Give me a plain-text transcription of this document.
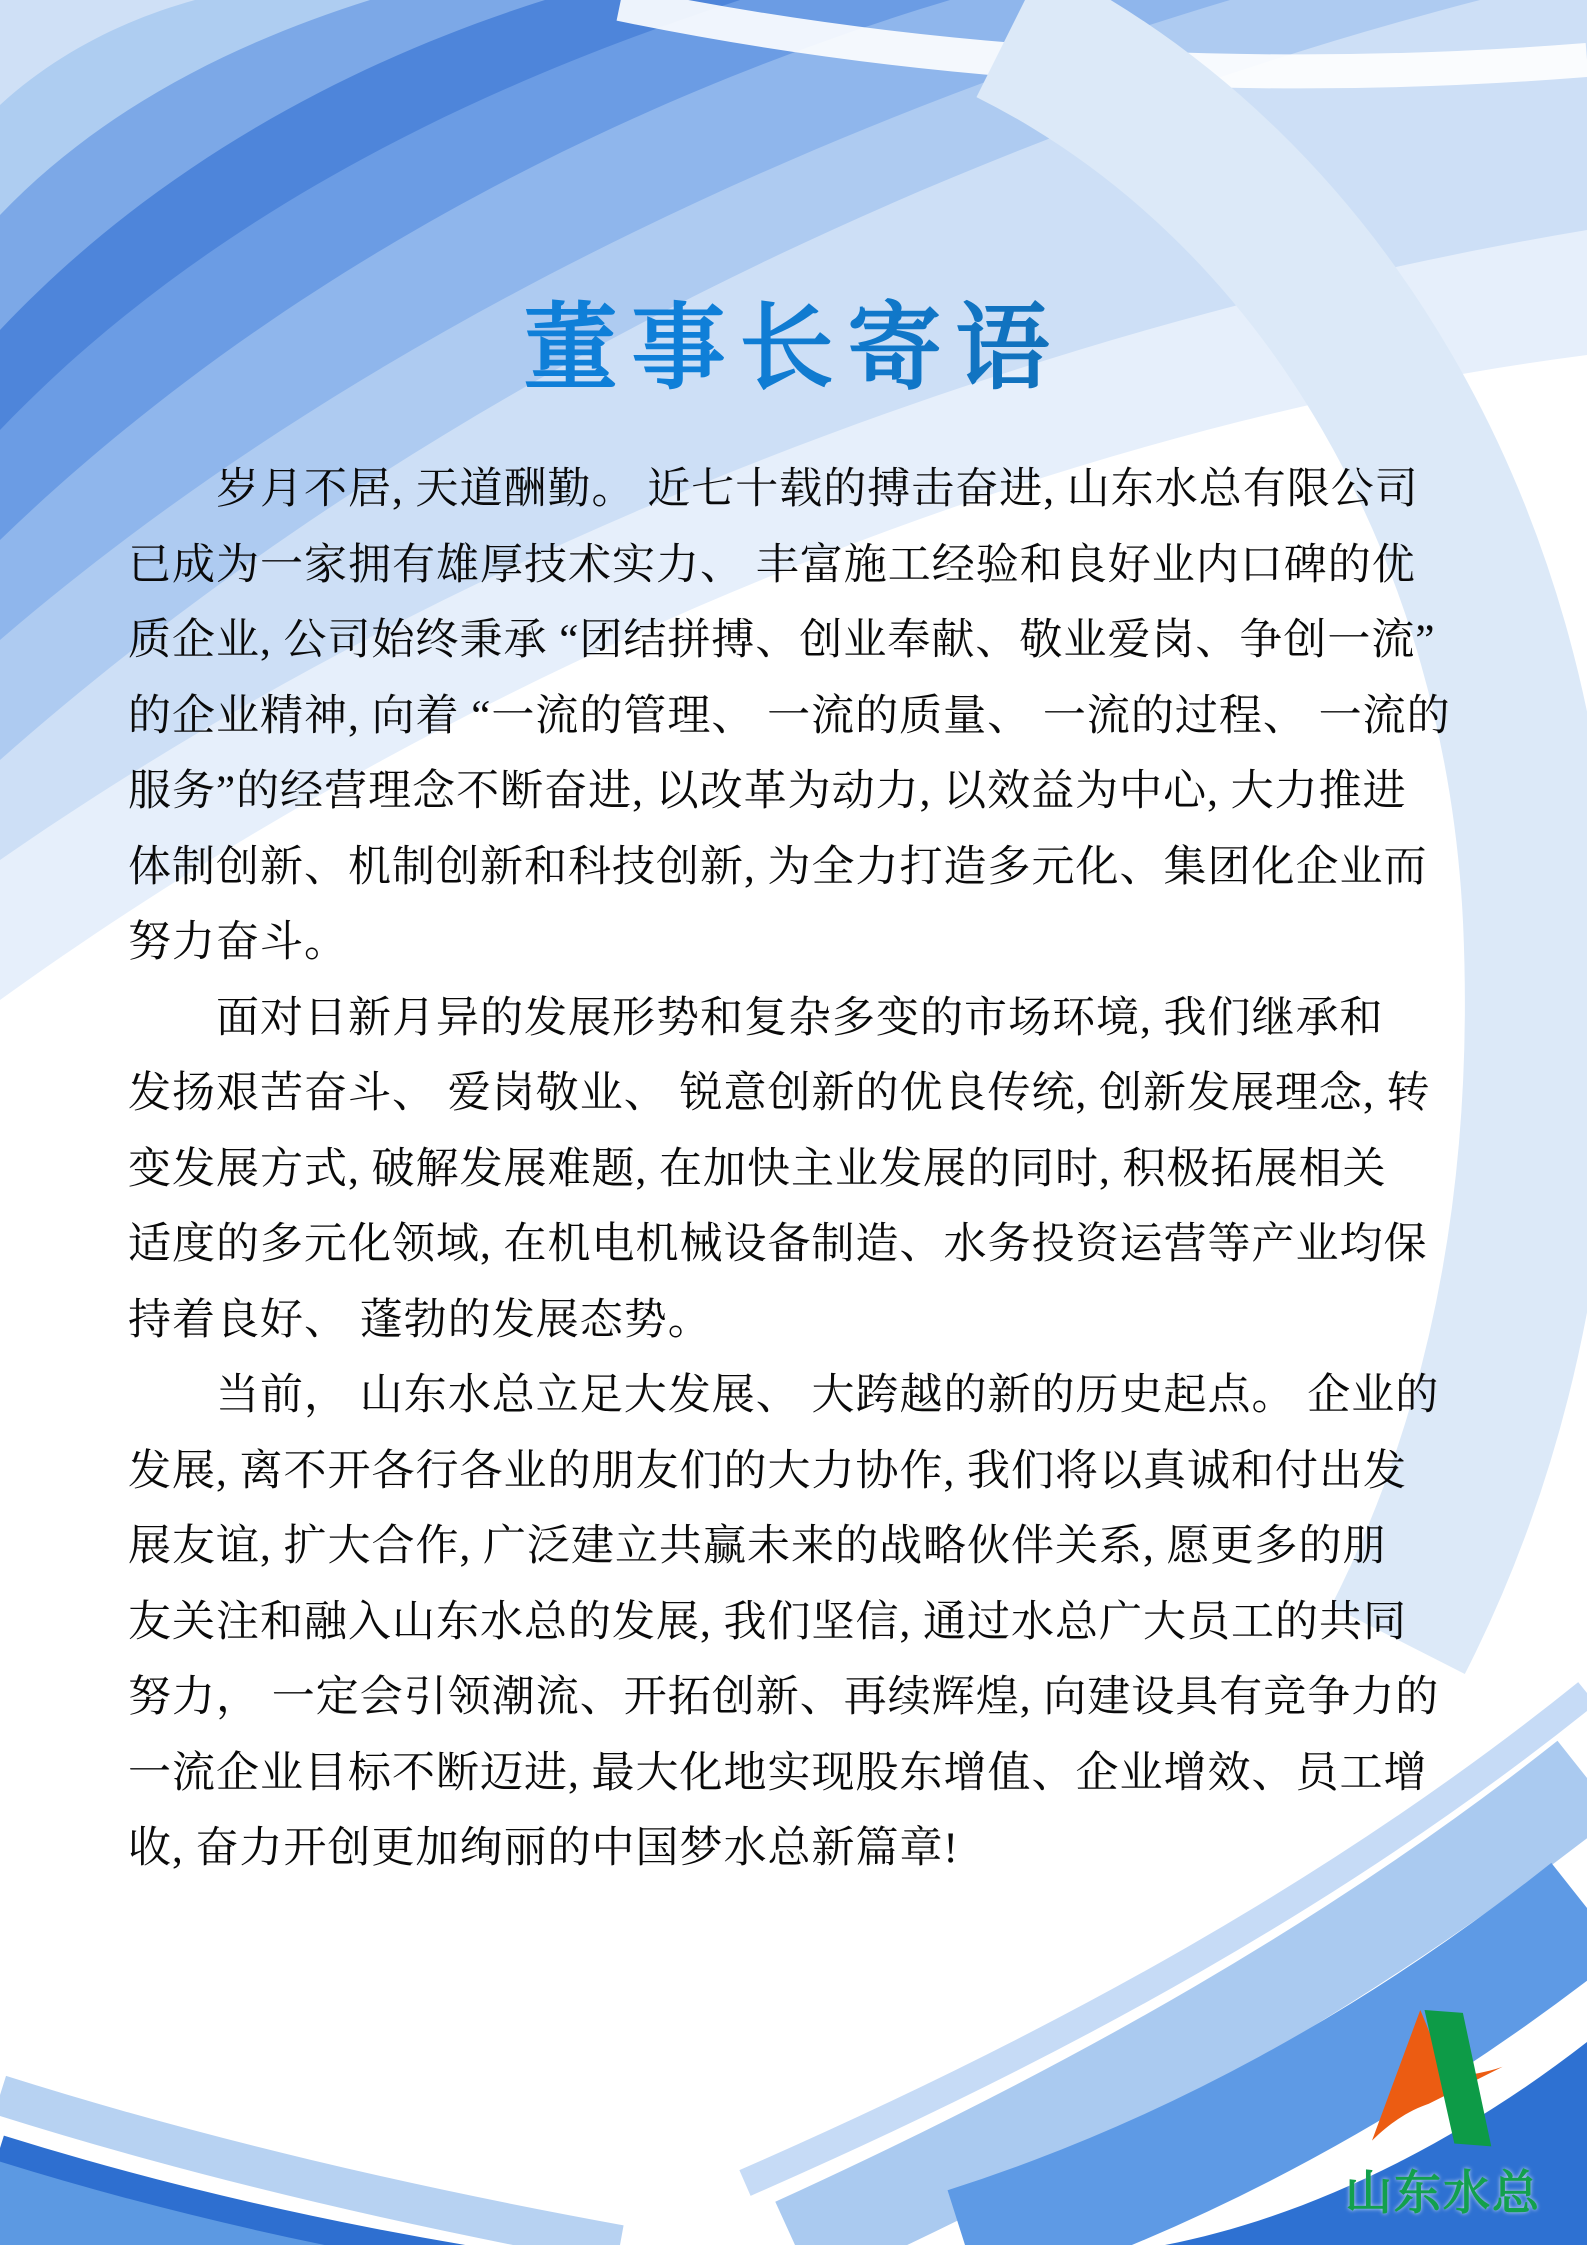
董事长寄语
岁月不居, 天道酬勤。 近七十载的搏击奋进, 山东水总有限公司
已成为一家拥有雄厚技术实力、 丰富施工经验和良好业内口碑的优
质企业, 公司始终秉承 “团结拼搏、创业奉献、敬业爱岗、争创一流”
的企业精神, 向着 “一流的管理、 一流的质量、 一流的过程、 一流的
服务”的经营理念不断奋进, 以改革为动力, 以效益为中心, 大力推进
体制创新、机制创新和科技创新, 为全力打造多元化、集团化企业而
努力奋斗。
面对日新月异的发展形势和复杂多变的市场环境, 我们继承和
发扬艰苦奋斗、 爱岗敬业、 锐意创新的优良传统, 创新发展理念, 转
变发展方式, 破解发展难题, 在加快主业发展的同时, 积极拓展相关
适度的多元化领域, 在机电机械设备制造、水务投资运营等产业均保
持着良好、 蓬勃的发展态势。
当前， 山东水总立足大发展、 大跨越的新的历史起点。 企业的
发展, 离不开各行各业的朋友们的大力协作, 我们将以真诚和付出发
展友谊, 扩大合作, 广泛建立共赢未来的战略伙伴关系, 愿更多的朋
友关注和融入山东水总的发展, 我们坚信, 通过水总广大员工的共同
努力， 一定会引领潮流、开拓创新、再续辉煌, 向建设具有竞争力的
一流企业目标不断迈进, 最大化地实现股东增值、企业增效、员工增
收, 奋力开创更加绚丽的中国梦水总新篇章!
山东水总
